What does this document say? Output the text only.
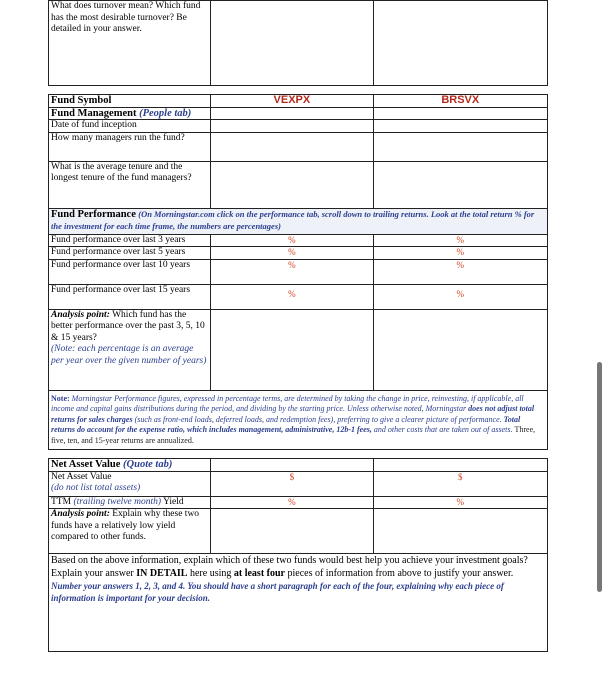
What does turnover mean? Which fund has the most desirable turnover? Be detailed in your answer.		

Fund Symbol	VEXPX	BRSVX
Fund Management (People tab)		
Date of fund inception		
How many managers run the fund?		
What is the average tenure and the longest tenure of the fund managers?		
Fund Performance (On Morningstar.com click on the performance tab, scroll down to trailing returns. Look at the total return % for the investment for each time frame, the numbers are percentages)		
Fund performance over last 3 years	%	%
Fund performance over last 5 years	%	%
Fund performance over last 10 years	%	%
Fund performance over last 15 years	%	%
Analysis point: Which fund has the better performance over the past 3, 5, 10 & 15 years?
(Note: each percentage is an average per year over the given number of years)		

Note: Morningstar Performance figures, expressed in percentage terms, are determined by taking the change in price, reinvesting, if applicable, all income and capital gains distributions during the period, and dividing by the starting price. Unless otherwise noted, Morningstar does not adjust total returns for sales charges (such as front-end loads, deferred loads, and redemption fees), preferring to give a clearer picture of performance. Total returns do account for the expense ratio, which includes management, administrative, 12b-1 fees, and other costs that are taken out of assets. Three, five, ten, and 15-year returns are annualized.		

Net Asset Value (Quote tab)		
Net Asset Value
(do not list total assets)	$	$
TTM (trailing twelve month) Yield	%	%
Analysis point: Explain why these two funds have a relatively low yield compared to other funds.		
Based on the above information, explain which of these two funds would best help you achieve your investment goals? Explain your answer IN DETAIL here using at least four pieces of information from above to justify your answer.
Number your answers 1, 2, 3, and 4. You should have a short paragraph for each of the four, explaining why each piece of information is important for your decision.		
